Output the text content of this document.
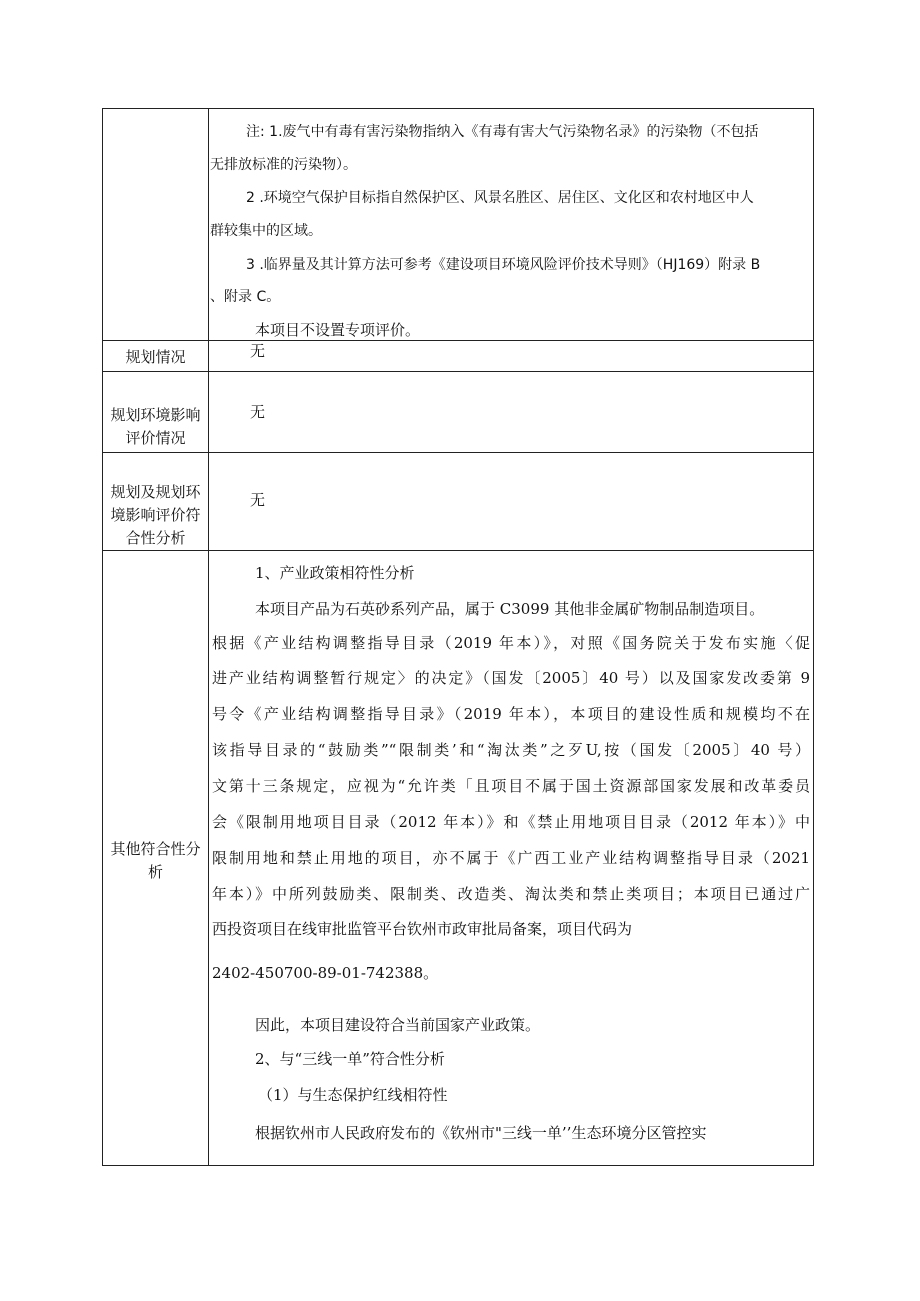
注: 1.废气中有毒有害污染物指纳入《有毒有害大气污染物名录》的污染物（不包括
无排放标准的污染物）。
2 .环境空气保护目标指自然保护区、风景名胜区、居住区、文化区和农村地区中人
群较集中的区域。
3 .临界量及其计算方法可参考《建设项目环境风险评价技术导则》（HJ169）附录 B
、附录 C。
本项目不设置专项评价。
规划情况	无
规划环境影响
评价情况
无
规划及规划环
境影响评价符
合性分析
无
其他符合性分
析
1、产业政策相符性分析
本项目产品为石英砂系列产品，属于 C3099 其他非金属矿物制品制造项目。
根据《产业结构调整指导目录（2019 年本）》，对照《国务院关于发布实施〈促
进产业结构调整暂行规定〉的决定》（国发〔2005〕40 号）以及国家发改委第 9
号令《产业结构调整指导目录》（2019 年本），本项目的建设性质和规模均不在
该指导目录的“鼓励类”“限制类’和“淘汰类”之歹U,按（国发〔2005〕40 号）
文第十三条规定，应视为“允许类「且项目不属于国土资源部国家发展和改革委员
会《限制用地项目目录（2012 年本）》和《禁止用地项目目录（2012 年本）》中
限制用地和禁止用地的项目，亦不属于《广西工业产业结构调整指导目录（2021
年本）》中所列鼓励类、限制类、改造类、淘汰类和禁止类项目；本项目已通过广
西投资项目在线审批监管平台钦州市政审批局备案，项目代码为
2402-450700-89-01-742388。
因此，本项目建设符合当前国家产业政策。
2、与“三线一单”符合性分析
（1）与生态保护红线相符性
根据钦州市人民政府发布的《钦州市"三线一单’’生态环境分区管控实
